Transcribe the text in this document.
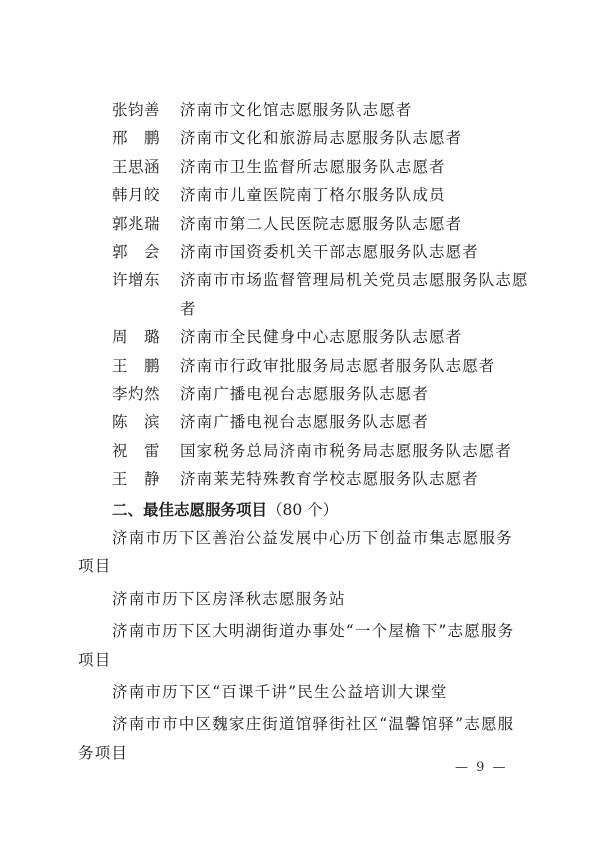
张钧善	济南市文化馆志愿服务队志愿者
邢　鹏	济南市文化和旅游局志愿服务队志愿者
王思涵	济南市卫生监督所志愿服务队志愿者
韩月皎	济南市儿童医院南丁格尔服务队成员
郭兆瑞	济南市第二人民医院志愿服务队志愿者
郭　会	济南市国资委机关干部志愿服务队志愿者
许增东	济南市市场监督管理局机关党员志愿服务队志愿者
周　璐	济南市全民健身中心志愿服务队志愿者
王　鹏	济南市行政审批服务局志愿者服务队志愿者
李灼然	济南广播电视台志愿服务队志愿者
陈　滨	济南广播电视台志愿服务队志愿者
祝　雷	国家税务总局济南市税务局志愿服务队志愿者
王　静	济南莱芜特殊教育学校志愿服务队志愿者
二、最佳志愿服务项目（80 个）

济南市历下区善治公益发展中心历下创益市集志愿服务项目

济南市历下区房泽秋志愿服务站

济南市历下区大明湖街道办事处“一个屋檐下”志愿服务项目

济南市历下区“百课千讲”民生公益培训大课堂

济南市市中区魏家庄街道馆驿街社区“温馨馆驿”志愿服务项目

— 9 —
